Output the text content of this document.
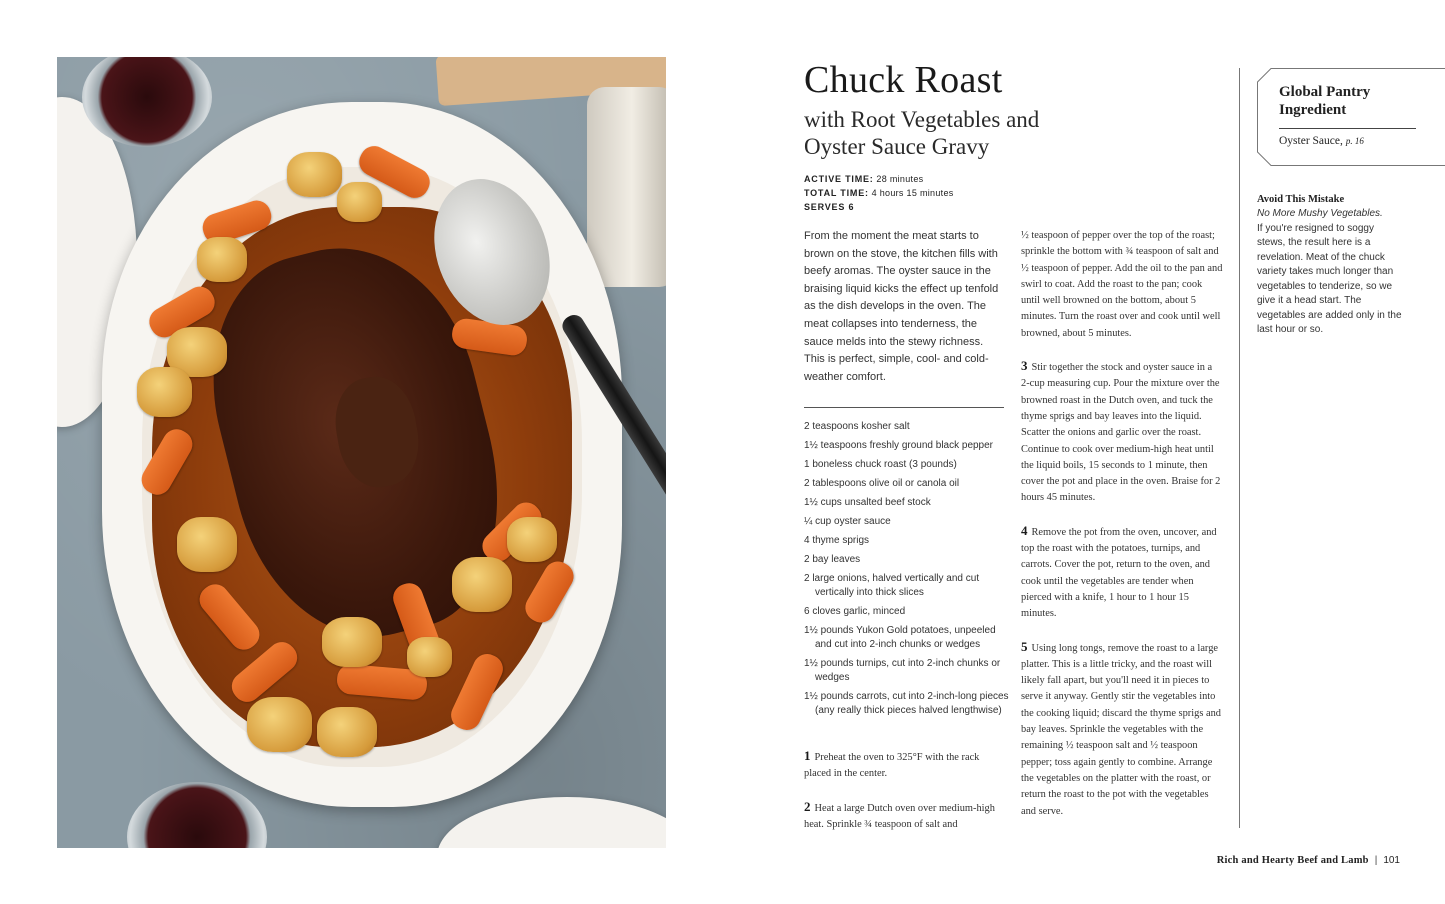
Chuck Roast
with Root Vegetables and Oyster Sauce Gravy
ACTIVE TIME: 28 minutes
TOTAL TIME: 4 hours 15 minutes
SERVES 6

From the moment the meat starts to brown on the stove, the kitchen fills with beefy aromas. The oyster sauce in the braising liquid kicks the effect up tenfold as the dish develops in the oven. The meat collapses into tenderness, the sauce melds into the stewy richness. This is perfect, simple, cool- and cold-weather comfort.

2 teaspoons kosher salt
1½ teaspoons freshly ground black pepper
1 boneless chuck roast (3 pounds)
2 tablespoons olive oil or canola oil
1½ cups unsalted beef stock
¼ cup oyster sauce
4 thyme sprigs
2 bay leaves
2 large onions, halved vertically and cut vertically into thick slices
6 cloves garlic, minced
1½ pounds Yukon Gold potatoes, unpeeled and cut into 2-inch chunks or wedges
1½ pounds turnips, cut into 2-inch chunks or wedges
1½ pounds carrots, cut into 2-inch-long pieces (any really thick pieces halved lengthwise)

1 Preheat the oven to 325°F with the rack placed in the center.

2 Heat a large Dutch oven over medium-high heat. Sprinkle ¾ teaspoon of salt and

½ teaspoon of pepper over the top of the roast; sprinkle the bottom with ¾ teaspoon of salt and ½ teaspoon of pepper. Add the oil to the pan and swirl to coat. Add the roast to the pan; cook until well browned on the bottom, about 5 minutes. Turn the roast over and cook until well browned, about 5 minutes.

3 Stir together the stock and oyster sauce in a 2-cup measuring cup. Pour the mixture over the browned roast in the Dutch oven, and tuck the thyme sprigs and bay leaves into the liquid. Scatter the onions and garlic over the roast. Continue to cook over medium-high heat until the liquid boils, 15 seconds to 1 minute, then cover the pot and place in the oven. Braise for 2 hours 45 minutes.

4 Remove the pot from the oven, uncover, and top the roast with the potatoes, turnips, and carrots. Cover the pot, return to the oven, and cook until the vegetables are tender when pierced with a knife, 1 hour to 1 hour 15 minutes.

5 Using long tongs, remove the roast to a large platter. This is a little tricky, and the roast will likely fall apart, but you'll need it in pieces to serve it anyway. Gently stir the vegetables into the cooking liquid; discard the thyme sprigs and bay leaves. Sprinkle the vegetables with the remaining ½ teaspoon salt and ½ teaspoon pepper; toss again gently to combine. Arrange the vegetables on the platter with the roast, or return the roast to the pot with the vegetables and serve.

Global Pantry Ingredient
Oyster Sauce, p. 16

Avoid This Mistake

No More Mushy Vegetables.

If you're resigned to soggy stews, the result here is a revelation. Meat of the chuck variety takes much longer than vegetables to tenderize, so we give it a head start. The vegetables are added only in the last hour or so.

Rich and Hearty Beef and Lamb | 101
